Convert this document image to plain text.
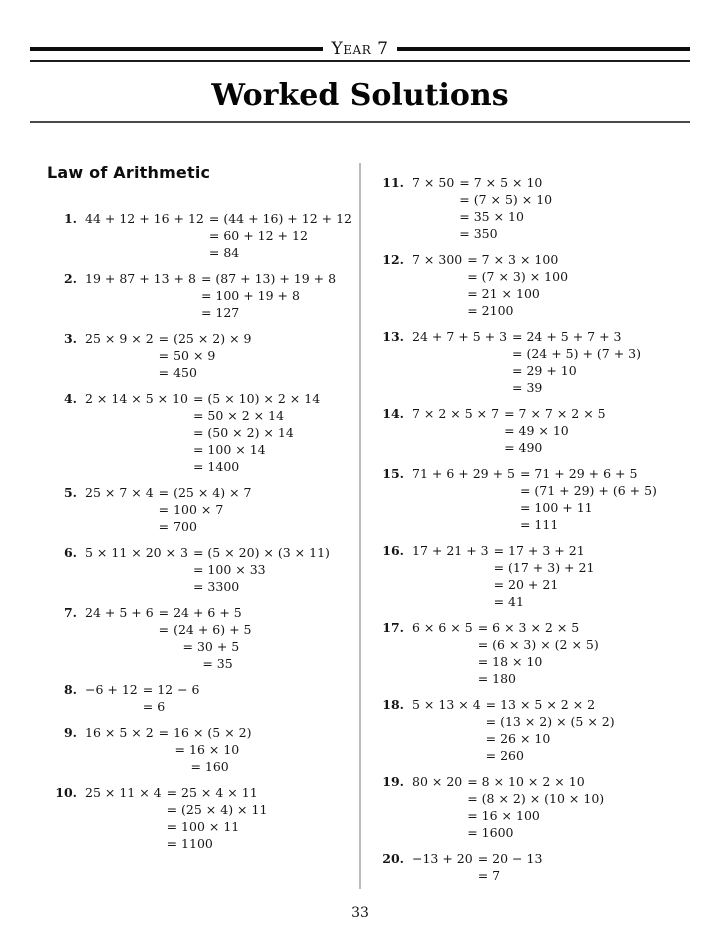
Year 7
Worked Solutions
Law of Arithmetic
1. 44 + 12 + 16 + 12	= (44 + 16) + 12 + 12
	= 60 + 12 + 12
	= 84
2. 19 + 87 + 13 + 8	= (87 + 13) + 19 + 8
	= 100 + 19 + 8
	= 127
3. 25 × 9 × 2	= (25 × 2) × 9
	= 50 × 9
	= 450
4. 2 × 14 × 5 × 10	= (5 × 10) × 2 × 14
	= 50 × 2 × 14
	= (50 × 2) × 14
	= 100 × 14
	= 1400
5. 25 × 7 × 4	= (25 × 4) × 7
	= 100 × 7
	= 700
6. 5 × 11 × 20 × 3	= (5 × 20) × (3 × 11)
	= 100 × 33
	= 3300
7. 24 + 5 + 6	= 24 + 6 + 5
	= (24 + 6) + 5
	= 30 + 5
	= 35
8. −6 + 12	= 12 − 6
	= 6
9. 16 × 5 × 2	= 16 × (5 × 2)
	= 16 × 10
	= 160
10. 25 × 11 × 4	= 25 × 4 × 11
	= (25 × 4) × 11
	= 100 × 11
	= 1100
11. 7 × 50	= 7 × 5 × 10
	= (7 × 5) × 10
	= 35 × 10
	= 350
12. 7 × 300	= 7 × 3 × 100
	= (7 × 3) × 100
	= 21 × 100
	= 2100
13. 24 + 7 + 5 + 3	= 24 + 5 + 7 + 3
	= (24 + 5) + (7 + 3)
	= 29 + 10
	= 39
14. 7 × 2 × 5 × 7	= 7 × 7 × 2 × 5
	= 49 × 10
	= 490
15. 71 + 6 + 29 + 5	= 71 + 29 + 6 + 5
	= (71 + 29) + (6 + 5)
	= 100 + 11
	= 111
16. 17 + 21 + 3	= 17 + 3 + 21
	= (17 + 3) + 21
	= 20 + 21
	= 41
17. 6 × 6 × 5	= 6 × 3 × 2 × 5
	= (6 × 3) × (2 × 5)
	= 18 × 10
	= 180
18. 5 × 13 × 4	= 13 × 5 × 2 × 2
	= (13 × 2) × (5 × 2)
	= 26 × 10
	= 260
19. 80 × 20	= 8 × 10 × 2 × 10
	= (8 × 2) × (10 × 10)
	= 16 × 100
	= 1600
20. −13 + 20	= 20 − 13
	= 7
33
